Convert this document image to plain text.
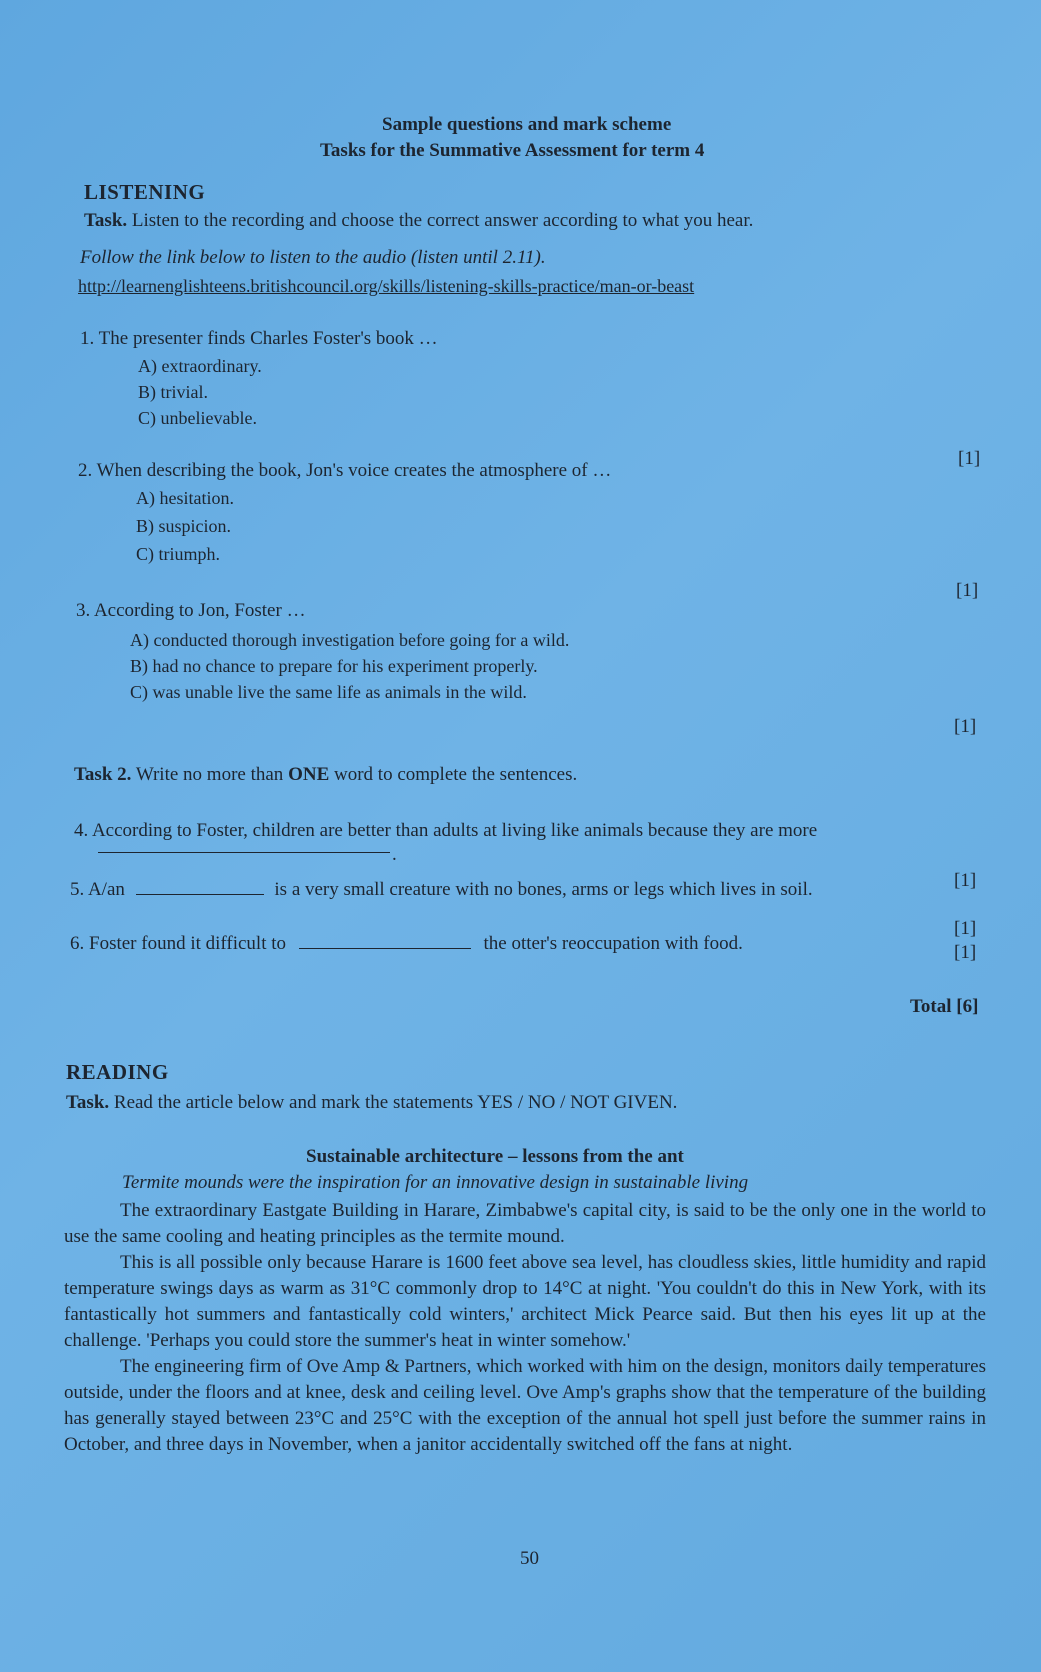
Sample questions and mark scheme
Tasks for the Summative Assessment for term 4
LISTENING
Task. Listen to the recording and choose the correct answer according to what you hear.
Follow the link below to listen to the audio (listen until 2.11).
http://learnenglishteens.britishcouncil.org/skills/listening-skills-practice/man-or-beast
1. The presenter finds Charles Foster's book …
A) extraordinary.
B) trivial.
C) unbelievable.
[1]
2. When describing the book, Jon's voice creates the atmosphere of …
A) hesitation.
B) suspicion.
C) triumph.
[1]
3. According to Jon, Foster …
A) conducted thorough investigation before going for a wild.
B) had no chance to prepare for his experiment properly.
C) was unable live the same life as animals in the wild.
[1]
Task 2. Write no more than ONE word to complete the sentences.
4. According to Foster, children are better than adults at living like animals because they are more
.
[1]
5. A/an	is a very small creature with no bones, arms or legs which lives in soil.
[1]
6. Foster found it difficult to	the otter's reoccupation with food.	[1]
Total [6]
READING
Task. Read the article below and mark the statements YES / NO / NOT GIVEN.
Sustainable architecture – lessons from the ant
Termite mounds were the inspiration for an innovative design in sustainable living

The extraordinary Eastgate Building in Harare, Zimbabwe's capital city, is said to be the only one in the world to use the same cooling and heating principles as the termite mound.

This is all possible only because Harare is 1600 feet above sea level, has cloudless skies, little humidity and rapid temperature swings days as warm as 31°C commonly drop to 14°C at night. 'You couldn't do this in New York, with its fantastically hot summers and fantastically cold winters,' architect Mick Pearce said. But then his eyes lit up at the challenge. 'Perhaps you could store the summer's heat in winter somehow.'

The engineering firm of Ove Amp & Partners, which worked with him on the design, monitors daily temperatures outside, under the floors and at knee, desk and ceiling level. Ove Amp's graphs show that the temperature of the building has generally stayed between 23°C and 25°C with the exception of the annual hot spell just before the summer rains in October, and three days in November, when a janitor accidentally switched off the fans at night.

50
